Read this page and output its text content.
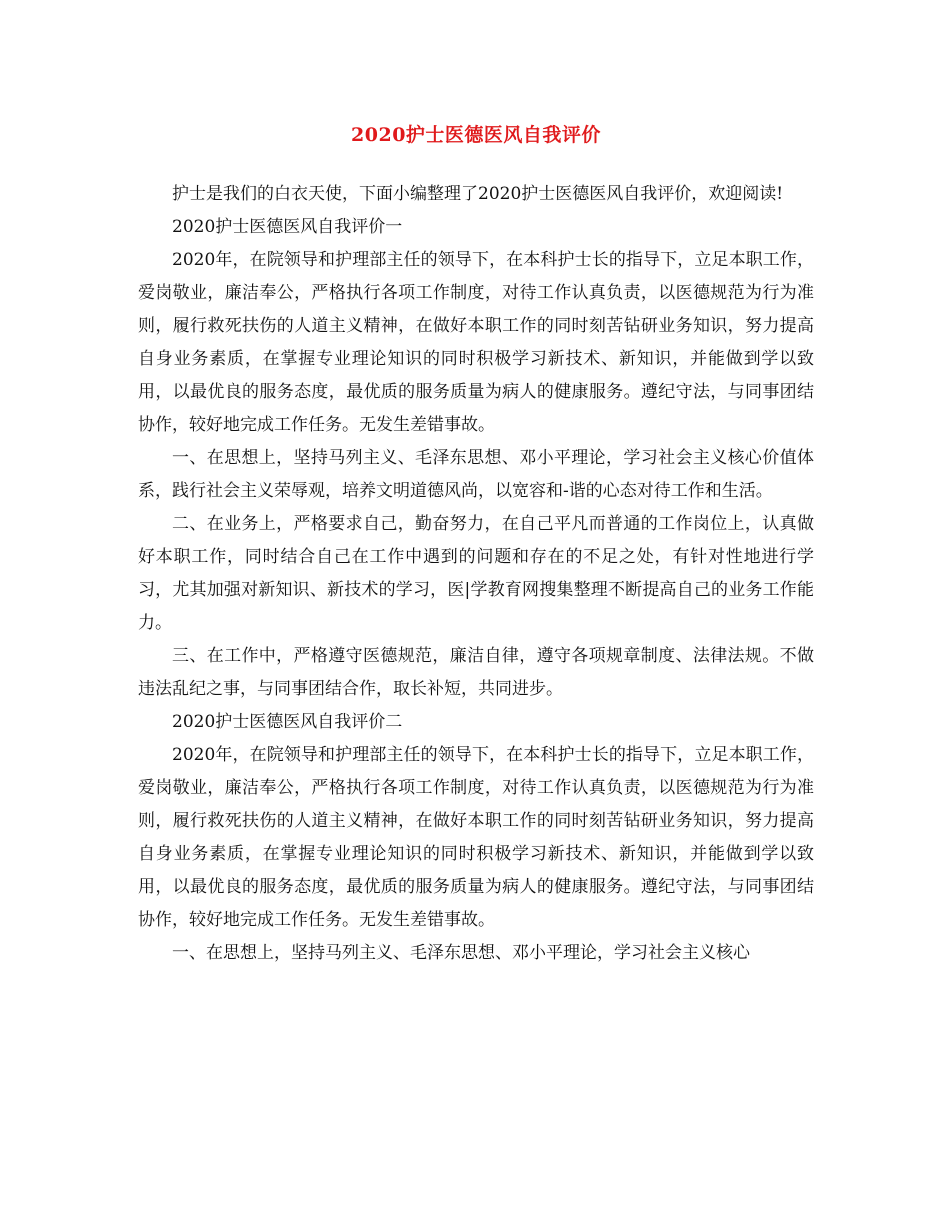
2020护士医德医风自我评价

护士是我们的白衣天使，下面小编整理了2020护士医德医风自我评价，欢迎阅读!

2020护士医德医风自我评价一

2020年，在院领导和护理部主任的领导下，在本科护士长的指导下，立足本职工作，爱岗敬业，廉洁奉公，严格执行各项工作制度，对待工作认真负责，以医德规范为行为准则，履行救死扶伤的人道主义精神，在做好本职工作的同时刻苦钻研业务知识，努力提高自身业务素质，在掌握专业理论知识的同时积极学习新技术、新知识，并能做到学以致用，以最优良的服务态度，最优质的服务质量为病人的健康服务。遵纪守法，与同事团结协作，较好地完成工作任务。无发生差错事故。

一、在思想上，坚持马列主义、毛泽东思想、邓小平理论，学习社会主义核心价值体系，践行社会主义荣辱观，培养文明道德风尚，以宽容和-谐的心态对待工作和生活。

二、在业务上，严格要求自己，勤奋努力，在自己平凡而普通的工作岗位上，认真做好本职工作，同时结合自己在工作中遇到的问题和存在的不足之处，有针对性地进行学习，尤其加强对新知识、新技术的学习，医|学教育网搜集整理不断提高自己的业务工作能力。

三、在工作中，严格遵守医德规范，廉洁自律，遵守各项规章制度、法律法规。不做违法乱纪之事，与同事团结合作，取长补短，共同进步。

2020护士医德医风自我评价二

2020年，在院领导和护理部主任的领导下，在本科护士长的指导下，立足本职工作，爱岗敬业，廉洁奉公，严格执行各项工作制度，对待工作认真负责，以医德规范为行为准则，履行救死扶伤的人道主义精神，在做好本职工作的同时刻苦钻研业务知识，努力提高自身业务素质，在掌握专业理论知识的同时积极学习新技术、新知识，并能做到学以致用，以最优良的服务态度，最优质的服务质量为病人的健康服务。遵纪守法，与同事团结协作，较好地完成工作任务。无发生差错事故。

一、在思想上，坚持马列主义、毛泽东思想、邓小平理论，学习社会主义核心
